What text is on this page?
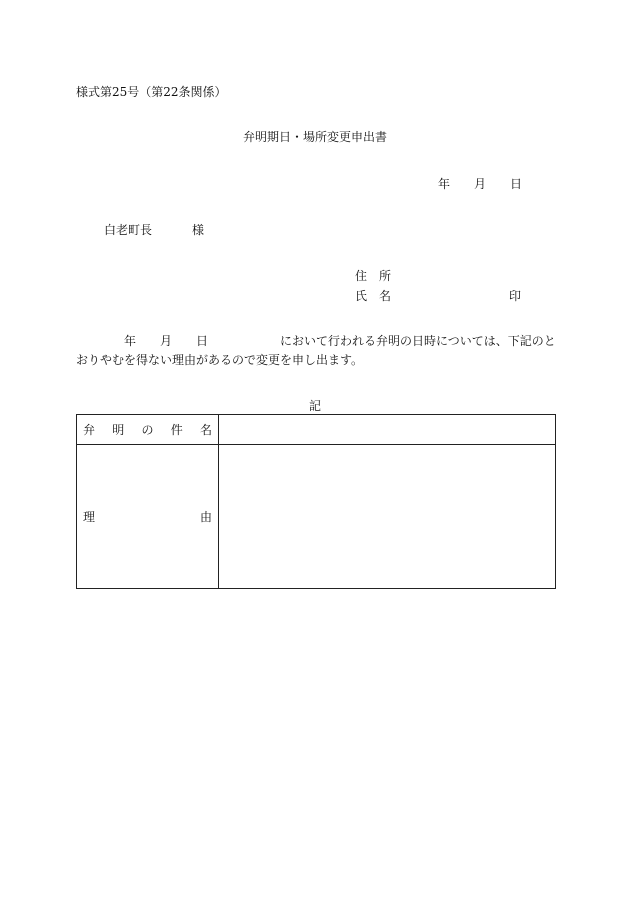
様式第25号（第22条関係）
弁明期日・場所変更申出書
年 月 日
白老町長	様
住　所
氏　名	印
年 月 日	において行われる弁明の日時については、下記のと
おりやむを得ない理由があるので変更を申し出ます。
記
弁 明 の 件 名	

理 由	
